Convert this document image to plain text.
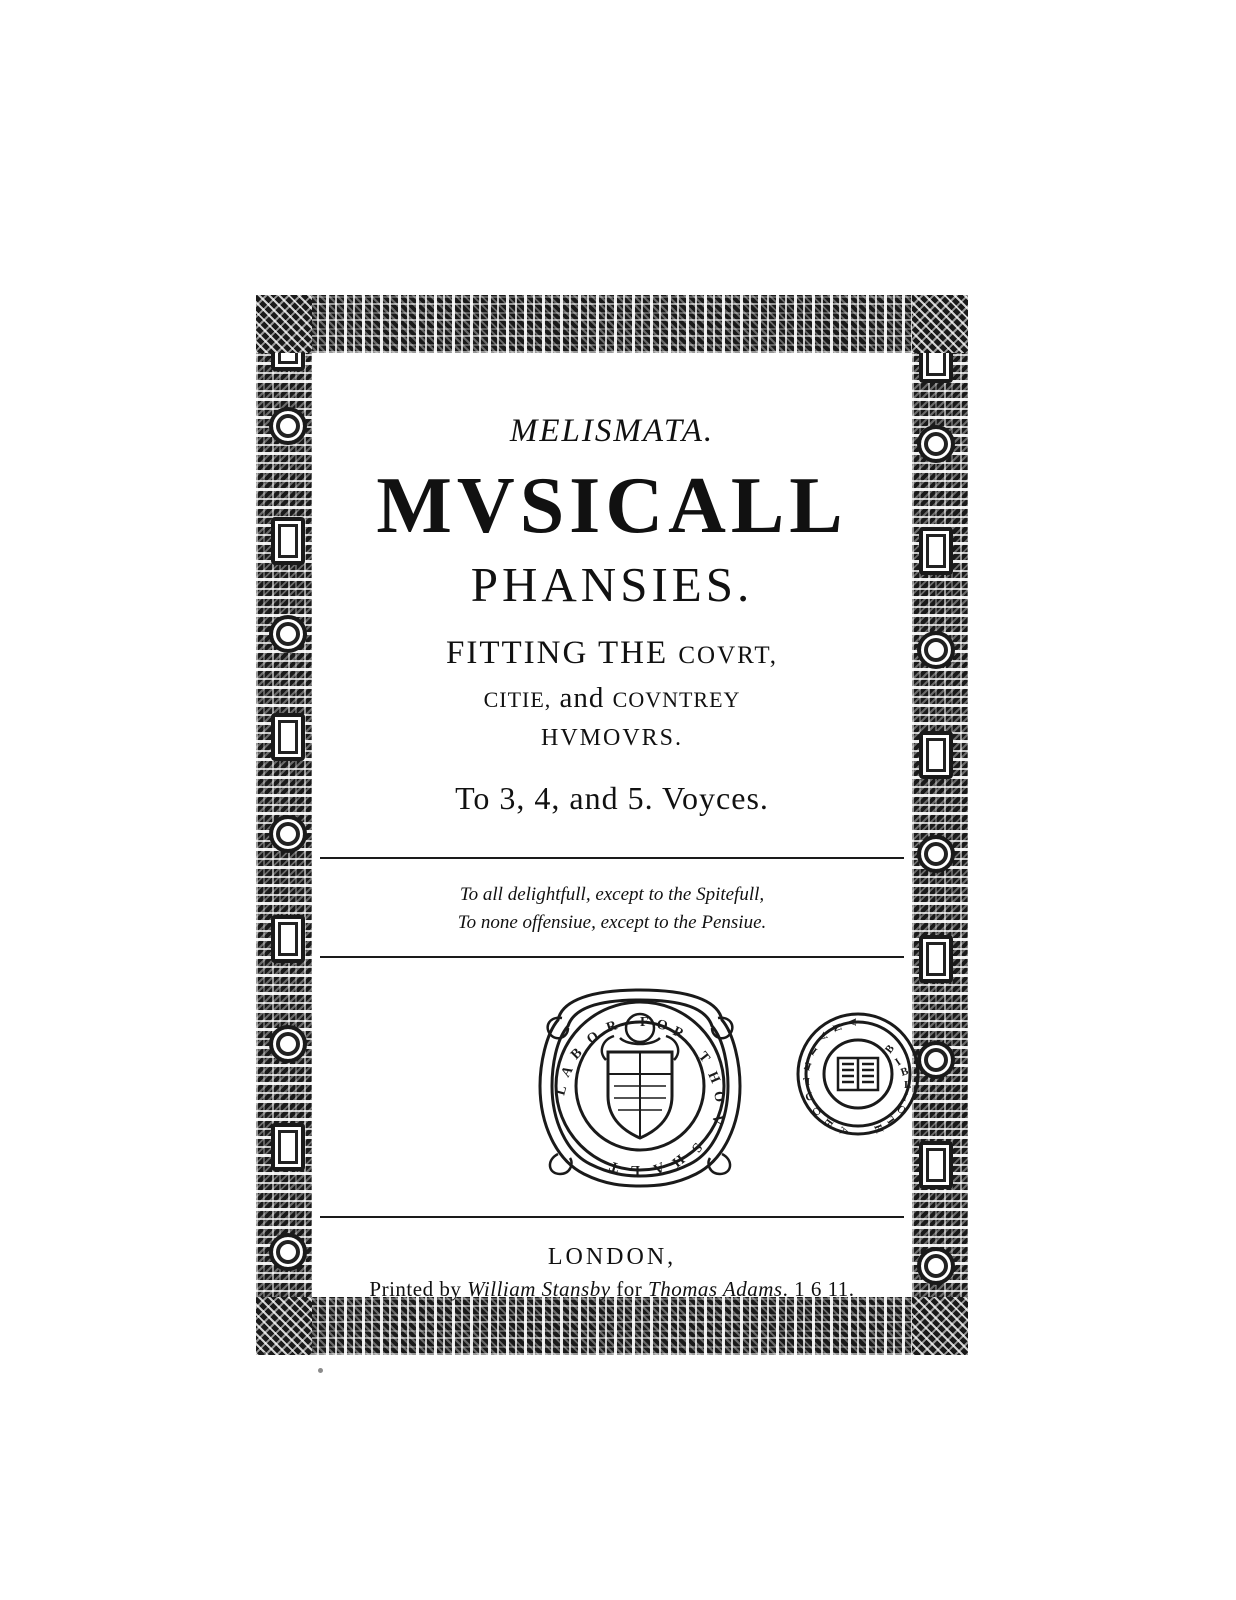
MELISMATA.
MVSICALL
PHANSIES.
FITTING THE COVRT,
CITIE, and COVNTREY
HVMOVRS.
To 3, 4, and 5. Voyces.
To all delightfull, except to the Spitefull,
To none offensiue, except to the Pensiue.
L
A
B
O
R F O R
T
H
O
V
S
H
A
L
T
B
I
B
L
I
O
T
H
A
B
O
D
L
E
I
A
N A
LONDON,
Printed by William Stansby for Thomas Adams. 1 6 11.
